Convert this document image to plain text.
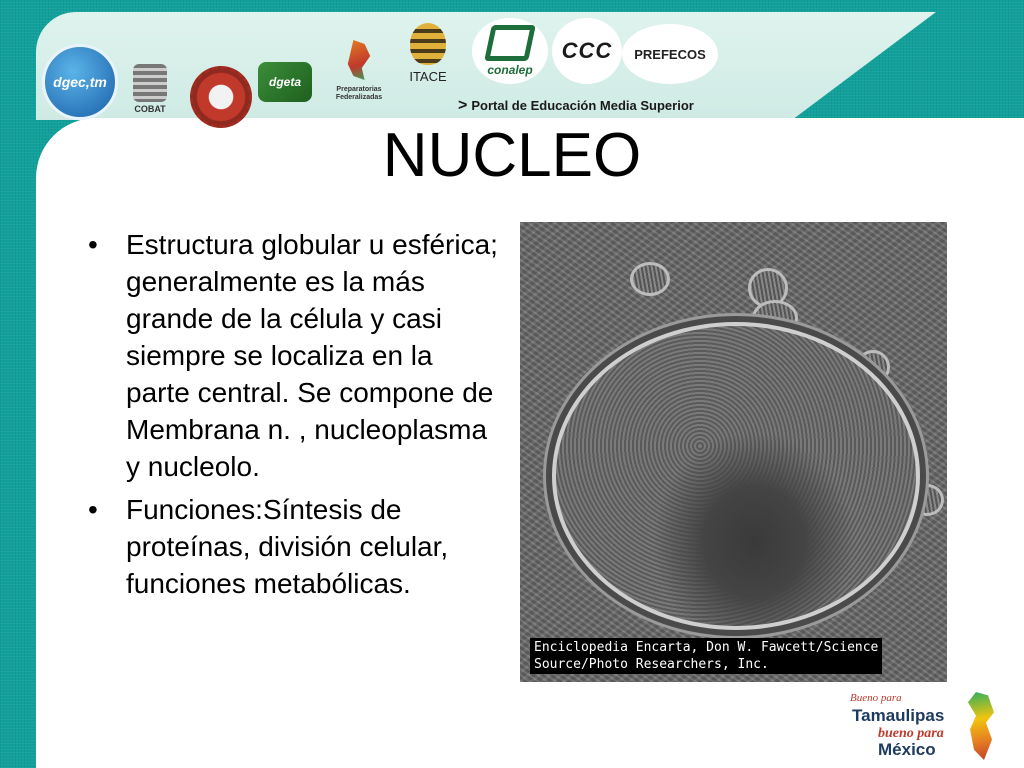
dgec,tm
COBAT
dgeta
Preparatorias Federalizadas
ITACE	conalep
CCC PREFECOS
> Portal de Educación Media Superior
> BIOLOGÍA	NUCLEO
• Estructura globular u esférica; generalmente es la más grande de la célula y casi siempre se localiza en la parte central. Se compone de Membrana n. , nucleoplasma y nucleolo.
• Funciones:Síntesis de proteínas, división celular, funciones metabólicas.
Enciclopedia Encarta, Don W. Fawcett/Science
Source/Photo Researchers, Inc.
Bueno para
Tamaulipas
bueno para
México
